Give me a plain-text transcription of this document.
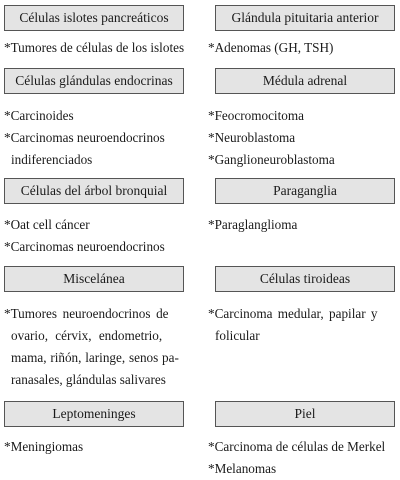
Células islotes pancreáticos
*Tumores de células de los islotes
Glándula pituitaria anterior
*Adenomas (GH, TSH)
Células glándulas endocrinas
*Carcinoides
*Carcinomas neuroendocrinos
indiferenciados
Médula adrenal
*Feocromocitoma
*Neuroblastoma
*Ganglioneuroblastoma
Células del árbol bronquial
*Oat cell cáncer
*Carcinomas neuroendocrinos
Paraganglia
*Paraglanglioma
Miscelánea
*Tumores neuroendocrinos de
ovario, cérvix, endometrio,
mama, riñón, laringe, senos pa-
ranasales, glándulas salivares
Células tiroideas
*Carcinoma medular, papilar y
folicular
Leptomeninges
*Meningiomas
Piel
*Carcinoma de células de Merkel
*Melanomas
